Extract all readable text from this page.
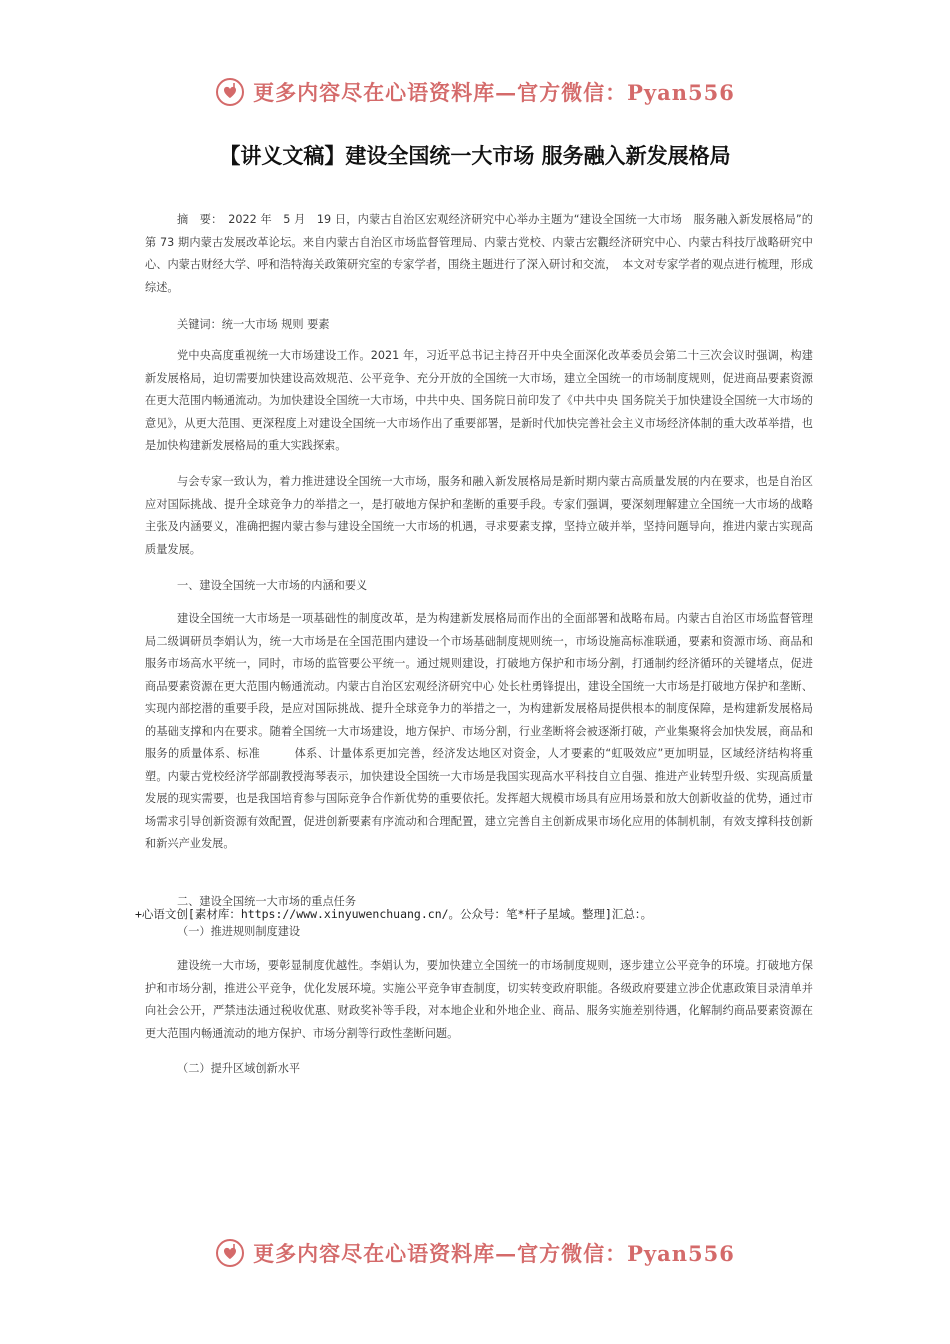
更多内容尽在心语资料库—官方微信：Pyan556
【讲义文稿】建设全国统一大市场 服务融入新发展格局

摘　要：　2022 年　5 月　19 日，内蒙古自治区宏观经济研究中心举办主题为“建设全国统一大市场　服务融入新发展格局”的第 73 期内蒙古发展改革论坛。来自内蒙古自治区市场监督管理局、内蒙古党校、内蒙古宏觀经济研究中心、内蒙古科技厅战略研究中心、内蒙古财经大学、呼和浩特海关政策研究室的专家学者，围绕主题进行了深入研讨和交流，　本文对专家学者的观点进行梳理，形成综述。

关键词：统一大市场 规则 要素

党中央高度重视统一大市场建设工作。2021 年，习近平总书记主持召开中央全面深化改革委员会第二十三次会议时强调，构建新发展格局，迫切需要加快建设高效规范、公平竞争、充分开放的全国统一大市场，建立全国统一的市场制度规则，促进商品要素资源在更大范围内畅通流动。为加快建设全国统一大市场，中共中央、国务院日前印发了《中共中央 国务院关于加快建设全国统一大市场的意见》，从更大范围、更深程度上对建设全国统一大市场作出了重要部署，是新时代加快完善社会主义市场经济体制的重大改革举措，也是加快构建新发展格局的重大实践探索。

与会专家一致认为，着力推进建设全国统一大市场，服务和融入新发展格局是新时期内蒙古高质量发展的内在要求，也是自治区应对国际挑战、提升全球竞争力的举措之一，是打破地方保护和垄断的重要手段。专家们强调，要深刻理解建立全国统一大市场的战略主张及内涵要义，准确把握内蒙古参与建设全国统一大市场的机遇，寻求要素支撑，坚持立破并举，坚持问题导向，推进内蒙古实现高质量发展。

一、建设全国统一大市场的内涵和要义

建设全国统一大市场是一项基础性的制度改革，是为构建新发展格局而作出的全面部署和战略布局。内蒙古自治区市场监督管理局二级调研员李娟认为，统一大市场是在全国范围内建设一个市场基础制度规则统一，市场设施高标准联通，要素和资源市场、商品和服务市场高水平统一，同时，市场的监管要公平统一。通过规则建设，打破地方保护和市场分割，打通制约经济循环的关键堵点，促进商品要素资源在更大范围内畅通流动。内蒙古自治区宏观经济研究中心 处长杜勇锋提出，建设全国统一大市场是打破地方保护和垄断、实现内部挖潜的重要手段，是应对国际挑战、提升全球竞争力的举措之一，为构建新发展格局提供根本的制度保障，是构建新发展格局的基础支撑和内在要求。随着全国统一大市场建设，地方保护、市场分割，行业垄断将会被逐渐打破，产业集聚将会加快发展，商品和服务的质量体系、标准　　　体系、计量体系更加完善，经济发达地区对资金，人才要素的“虹吸效应”更加明显，区域经济结构将重塑。内蒙古党校经济学部副教授海琴表示，加快建设全国统一大市场是我国实现高水平科技自立自强、推进产业转型升级、实现高质量发展的现实需要，也是我国培育参与国际竞争合作新优势的重要依托。发挥超大规模市场具有应用场景和放大创新收益的优势，通过市场需求引导创新资源有效配置，促进创新要素有序流动和合理配置，建立完善自主创新成果市场化应用的体制机制，有效支撑科技创新和新兴产业发展。

二、建设全国统一大市场的重点任务

+心语文创[素材库：https://www.xinyuwenchuang.cn/。公众号：笔*杆子星域。整理]汇总：。

（一）推进规则制度建设

建设统一大市场，要彰显制度优越性。李娟认为，要加快建立全国统一的市场制度规则，逐步建立公平竞争的环境。打破地方保护和市场分割，推进公平竞争，优化发展环境。实施公平竞争审查制度，切实转变政府职能。各级政府要建立涉企优惠政策目录清单并向社会公开，严禁违法通过税收优惠、财政奖补等手段，对本地企业和外地企业、商品、服务实施差别待遇，化解制约商品要素资源在更大范围内畅通流动的地方保护、市场分割等行政性垄断问题。

（二）提升区域创新水平

更多内容尽在心语资料库—官方微信：Pyan556
